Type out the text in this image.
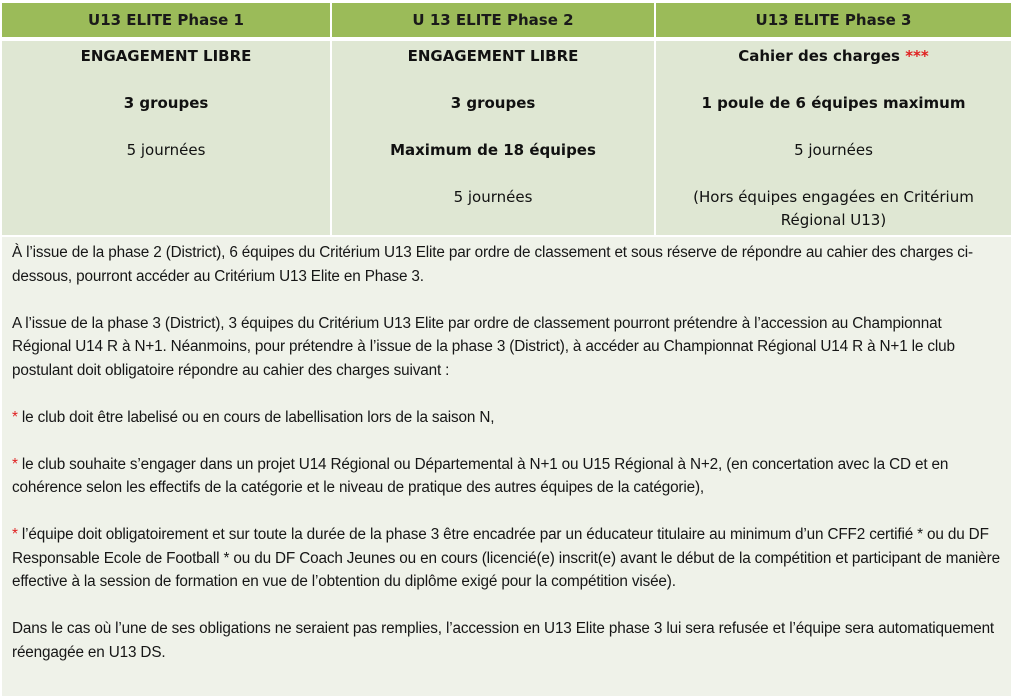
U13 ELITE Phase 1	U 13 ELITE Phase 2	U13 ELITE Phase 3
ENGAGEMENT LIBRE
3 groupes
5 journées
ENGAGEMENT LIBRE
3 groupes
Maximum de 18 équipes
5 journées
Cahier des charges ***
1 poule de 6 équipes maximum
5 journées
(Hors équipes engagées en Critérium
Régional U13)

À l’issue de la phase 2 (District), 6 équipes du Critérium U13 Elite par ordre de classement et sous réserve de répondre au cahier des charges ci-dessous, pourront accéder au Critérium U13 Elite en Phase 3.

A l’issue de la phase 3 (District), 3 équipes du Critérium U13 Elite par ordre de classement pourront prétendre à l’accession au Championnat Régional U14 R à N+1. Néanmoins, pour prétendre à l’issue de la phase 3 (District), à accéder au Championnat Régional U14 R à N+1 le club postulant doit obligatoire répondre au cahier des charges suivant :

* le club doit être labelisé ou en cours de labellisation lors de la saison N,

* le club souhaite s’engager dans un projet U14 Régional ou Départemental à N+1 ou U15 Régional à N+2, (en concertation avec la CD et en cohérence selon les effectifs de la catégorie et le niveau de pratique des autres équipes de la catégorie),

* l’équipe doit obligatoirement et sur toute la durée de la phase 3 être encadrée par un éducateur titulaire au minimum d’un CFF2 certifié * ou du DF Responsable Ecole de Football * ou du DF Coach Jeunes ou en cours (licencié(e) inscrit(e) avant le début de la compétition et participant de manière effective à la session de formation en vue de l’obtention du diplôme exigé pour la compétition visée).

Dans le cas où l’une de ses obligations ne seraient pas remplies, l’accession en U13 Elite phase 3 lui sera refusée et l’équipe sera automatiquement réengagée en U13 DS.
